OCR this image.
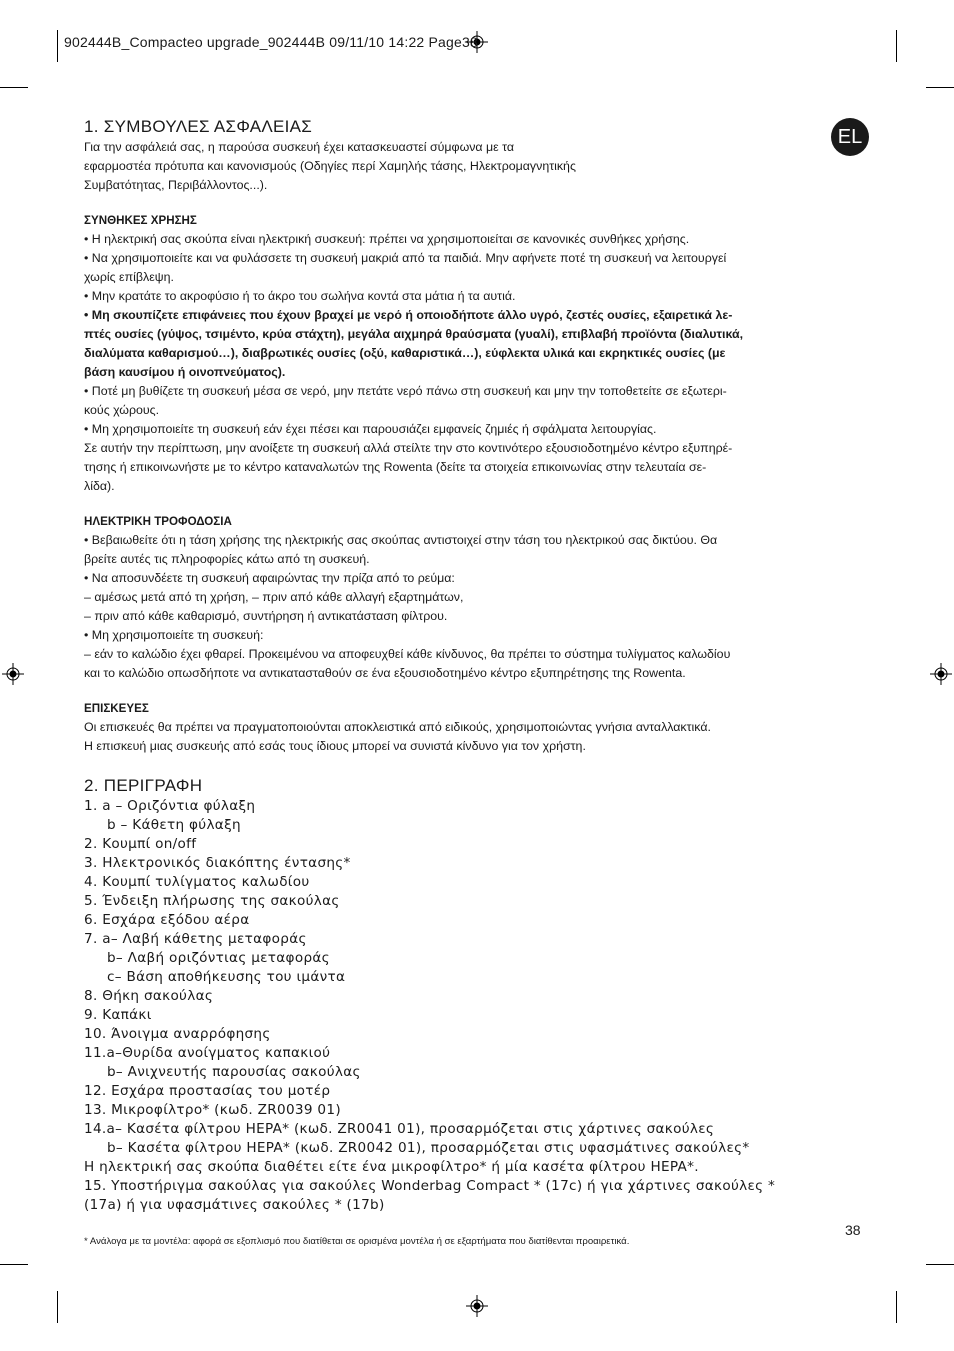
902444B_Compacteo upgrade_902444B 09/11/10 14:22 Page38
EL
1. ΣΥΜΒΟΥΛΕΣ ΑΣΦΑΛΕΙΑΣ

Για την ασφάλειά σας, η παρούσα συσκευή έχει κατασκευαστεί σύμφωνα με τα

εφαρμοστέα πρότυπα και κανονισμούς (Οδηγίες περί Χαμηλής τάσης, Ηλεκτρομαγνητικής

Συμβατότητας, Περιβάλλοντος...).

ΣΥΝΘΗΚΕΣ ΧΡΗΣΗΣ

• Η ηλεκτρική σας σκούπα είναι ηλεκτρική συσκευή: πρέπει να χρησιμοποιείται σε κανονικές συνθήκες χρήσης.

• Να χρησιμοποιείτε και να φυλάσσετε τη συσκευή μακριά από τα παιδιά. Μην αφήνετε ποτέ τη συσκευή να λειτουργεί

χωρίς επίβλεψη.

• Μην κρατάτε το ακροφύσιο ή το άκρο του σωλήνα κοντά στα μάτια ή τα αυτιά.

• Μη σκουπίζετε επιφάνειες που έχουν βραχεί με νερό ή οποιοδήποτε άλλο υγρό, ζεστές ουσίες, εξαιρετικά λε-

πτές ουσίες (γύψος, τσιμέντο, κρύα στάχτη), μεγάλα αιχμηρά θραύσματα (γυαλί), επιβλαβή προϊόντα (διαλυτικά,

διαλύματα καθαρισμού…), διαβρωτικές ουσίες (οξύ, καθαριστικά…), εύφλεκτα υλικά και εκρηκτικές ουσίες (με

βάση καυσίμου ή οινοπνεύματος).

• Ποτέ μη βυθίζετε τη συσκευή μέσα σε νερό, μην πετάτε νερό πάνω στη συσκευή και μην την τοποθετείτε σε εξωτερι-

κούς χώρους.

• Μη χρησιμοποιείτε τη συσκευή εάν έχει πέσει και παρουσιάζει εμφανείς ζημιές ή σφάλματα λειτουργίας.

Σε αυτήν την περίπτωση, μην ανοίξετε τη συσκευή αλλά στείλτε την στο κοντινότερο εξουσιοδοτημένο κέντρο εξυπηρέ-

τησης ή επικοινωνήστε με το κέντρο καταναλωτών της Rowenta (δείτε τα στοιχεία επικοινωνίας στην τελευταία σε-

λίδα).

ΗΛΕΚΤΡΙΚΗ ΤΡΟΦΟΔΟΣΙΑ

• Βεβαιωθείτε ότι η τάση χρήσης της ηλεκτρικής σας σκούπας αντιστοιχεί στην τάση του ηλεκτρικού σας δικτύου. Θα

βρείτε αυτές τις πληροφορίες κάτω από τη συσκευή.

• Να αποσυνδέετε τη συσκευή αφαιρώντας την πρίζα από το ρεύμα:

– αμέσως μετά από τη χρήση, – πριν από κάθε αλλαγή εξαρτημάτων,

– πριν από κάθε καθαρισμό, συντήρηση ή αντικατάσταση φίλτρου.

• Μη χρησιμοποιείτε τη συσκευή:

– εάν το καλώδιο έχει φθαρεί. Προκειμένου να αποφευχθεί κάθε κίνδυνος, θα πρέπει το σύστημα τυλίγματος καλωδίου

και το καλώδιο οπωσδήποτε να αντικατασταθούν σε ένα εξουσιοδοτημένο κέντρο εξυπηρέτησης της Rowenta.

ΕΠΙΣΚΕΥΕΣ

Οι επισκευές θα πρέπει να πραγματοποιούνται αποκλειστικά από ειδικούς, χρησιμοποιώντας γνήσια ανταλλακτικά.

Η επισκευή μιας συσκευής από εσάς τους ίδιους μπορεί να συνιστά κίνδυνο για τον χρήστη.

2. ΠΕΡΙΓΡΑΦΗ
1. a – Οριζόντια φύλαξη
b – Κάθετη φύλαξη
2. Κουμπί on/off
3. Ηλεκτρονικός διακόπτης έντασης*
4. Κουμπί τυλίγματος καλωδίου
5. Ένδειξη πλήρωσης της σακούλας
6. Εσχάρα εξόδου αέρα
7. a– Λαβή κάθετης μεταφοράς
b– Λαβή οριζόντιας μεταφοράς
c– Βάση αποθήκευσης του ιμάντα
8. Θήκη σακούλας
9. Καπάκι
10. Άνοιγμα αναρρόφησης
11.a–Θυρίδα ανοίγματος καπακιού
b– Ανιχνευτής παρουσίας σακούλας
12. Εσχάρα προστασίας του μοτέρ
13. Μικροφίλτρο* (κωδ. ZR0039 01)
14.a– Κασέτα φίλτρου HEPA* (κωδ. ZR0041 01), προσαρμόζεται στις χάρτινες σακούλες
b– Κασέτα φίλτρου HEPA* (κωδ. ZR0042 01), προσαρμόζεται στις υφασμάτινες σακούλες*
Η ηλεκτρική σας σκούπα διαθέτει είτε ένα μικροφίλτρο* ή μία κασέτα φίλτρου HEPA*.
15. Υποστήριγμα σακούλας για σακούλες Wonderbag Compact * (17c) ή για χάρτινες σακούλες *
(17a) ή για υφασμάτινες σακούλες * (17b)
38
* Ανάλογα με τα μοντέλα: αφορά σε εξοπλισμό που διατίθεται σε ορισμένα μοντέλα ή σε εξαρτήματα που διατίθενται προαιρετικά.
